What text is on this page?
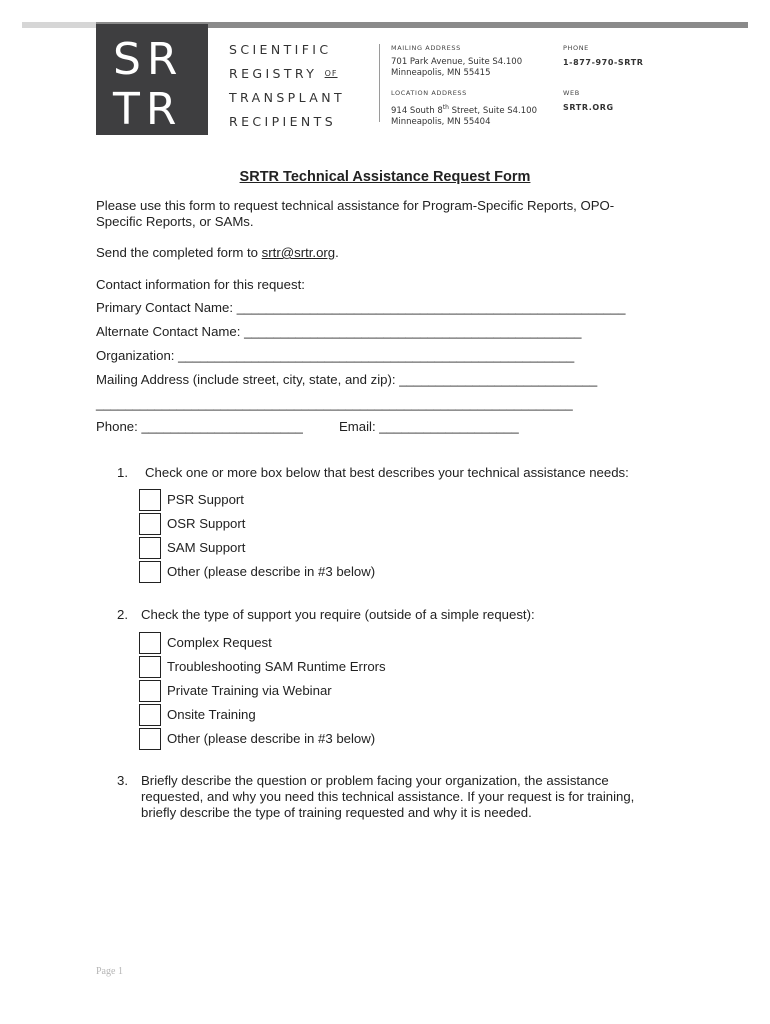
SR
TR
SCIENTIFIC
REGISTRY OF
TRANSPLANT
RECIPIENTS
MAILING ADDRESS
701 Park Avenue, Suite S4.100
Minneapolis, MN 55415
LOCATION ADDRESS
914 South 8th Street, Suite S4.100
Minneapolis, MN 55404
PHONE
1-877-970-SRTR
WEB
SRTR.ORG
SRTR Technical Assistance Request Form
Please use this form to request technical assistance for Program-Specific Reports, OPO-
Specific Reports, or SAMs.
Send the completed form to srtr@srtr.org.
Contact information for this request:
Primary Contact Name: _____________________________________________________
Alternate Contact Name: ______________________________________________
Organization: ______________________________________________________
Mailing Address (include street, city, state, and zip): ___________________________
_________________________________________________________________
Phone: ______________________	Email: ___________________
1. Check one or more box below that best describes your technical assistance needs:
PSR Support
OSR Support
SAM Support
Other (please describe in #3 below)
2. Check the type of support you require (outside of a simple request):
Complex Request
Troubleshooting SAM Runtime Errors
Private Training via Webinar
Onsite Training
Other (please describe in #3 below)
3. Briefly describe the question or problem facing your organization, the assistance
requested, and why you need this technical assistance. If your request is for training,
briefly describe the type of training requested and why it is needed.
Page 1
